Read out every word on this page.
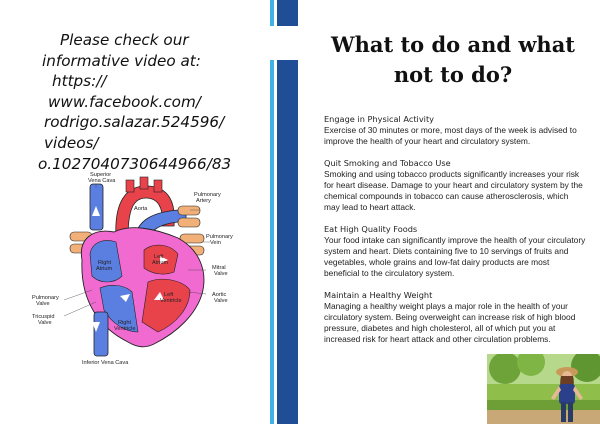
Please check our
informative video at:
https://
www.facebook.com/
rodrigo.salazar.524596/
videos/
o.1027040730644966/83
Superior
Vena Cava
Aorta
Pulmonary
Artery
Pulmonary
Vein
Left
Atrium
Right
Atrium	Mitral
Valve
Aortic
Valve
Left
Ventricle
Right
Ventricle
Pulmonary
Valve
Tricuspid
Valve
Inferior Vena Cava
What to do and what
not to do?
Engage in Physical Activity

Exercise of 30 minutes or more, most days of the week is advised to improve the health of your heart and circulatory system.

Quit Smoking and Tobacco Use

Smoking and using tobacco products significantly increases your risk for heart disease. Damage to your heart and circulatory system by the chemical compounds in tobacco can cause atherosclerosis, which may lead to heart attack.

Eat High Quality Foods

Your food intake can significantly improve the health of your circulatory system and heart. Diets containing five to 10 servings of fruits and vegetables, whole grains and low-fat dairy products are most beneficial to the circulatory system.

Maintain a Healthy Weight

Managing a healthy weight plays a major role in the health of your circulatory system. Being overweight can increase risk of high blood pressure, diabetes and high cholesterol, all of which put you at increased risk for heart attack and other circulation problems.
